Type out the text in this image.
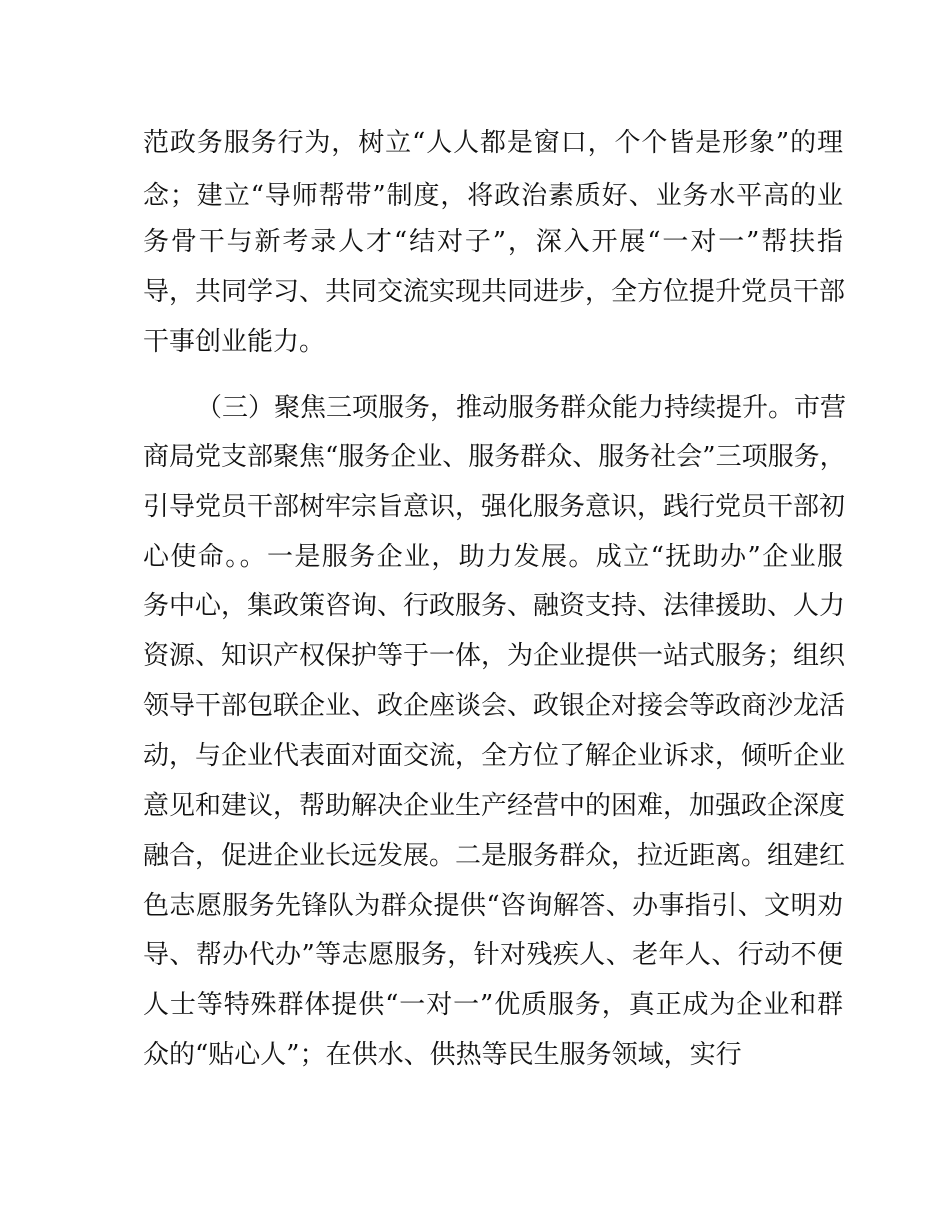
范政务服务行为，树立“人人都是窗口，个个皆是形象”的理
念；建立“导师帮带”制度，将政治素质好、业务水平高的业
务骨干与新考录人才“结对子”，深入开展“一对一”帮扶指
导，共同学习、共同交流实现共同进步，全方位提升党员干部
干事创业能力。
（三）聚焦三项服务，推动服务群众能力持续提升。市营
商局党支部聚焦“服务企业、服务群众、服务社会”三项服务，
引导党员干部树牢宗旨意识，强化服务意识，践行党员干部初
心使命。。一是服务企业，助力发展。成立“抚助办”企业服
务中心，集政策咨询、行政服务、融资支持、法律援助、人力
资源、知识产权保护等于一体，为企业提供一站式服务；组织
领导干部包联企业、政企座谈会、政银企对接会等政商沙龙活
动，与企业代表面对面交流，全方位了解企业诉求，倾听企业
意见和建议，帮助解决企业生产经营中的困难，加强政企深度
融合，促进企业长远发展。二是服务群众，拉近距离。组建红
色志愿服务先锋队为群众提供“咨询解答、办事指引、文明劝
导、帮办代办”等志愿服务，针对残疾人、老年人、行动不便
人士等特殊群体提供“一对一”优质服务，真正成为企业和群
众的“贴心人”；在供水、供热等民生服务领域，实行
